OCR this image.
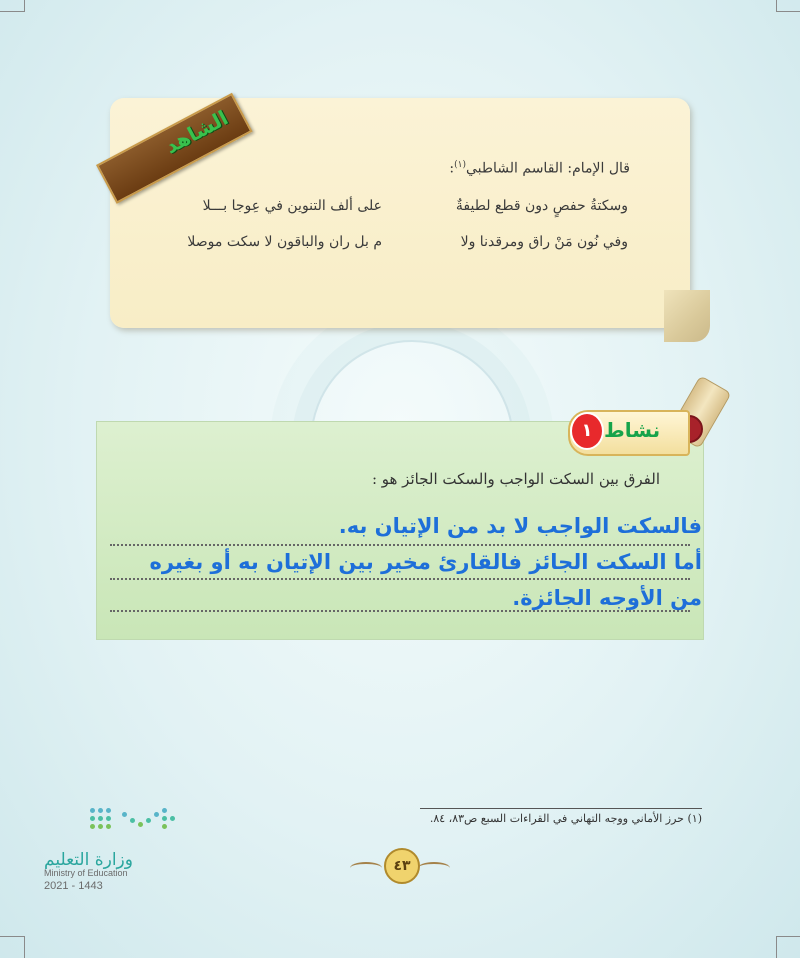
الشاهد
قال الإمام: القاسم الشاطبي$^{(١)}$:
وسكتةُ حفصٍ دون قطع لطيفةٌ
على ألف التنوين في عِوجا بـــلا
وفي نُون مَنْ راق ومرقدنا ولا
م بل ران والباقون لا سكت موصلا
نشاط
١
الفرق بين السكت الواجب والسكت الجائز هو :
فالسكت الواجب لا بد من الإتيان به.
أما السكت الجائز فالقارئ مخير بين الإتيان به أو بغيره
من الأوجه الجائزة.
(١) حرز الأماني ووجه التهاني في القراءات السبع ص٨٣، ٨٤.
٤٣
وزارة التعليم
Ministry of Education
2021 - 1443
